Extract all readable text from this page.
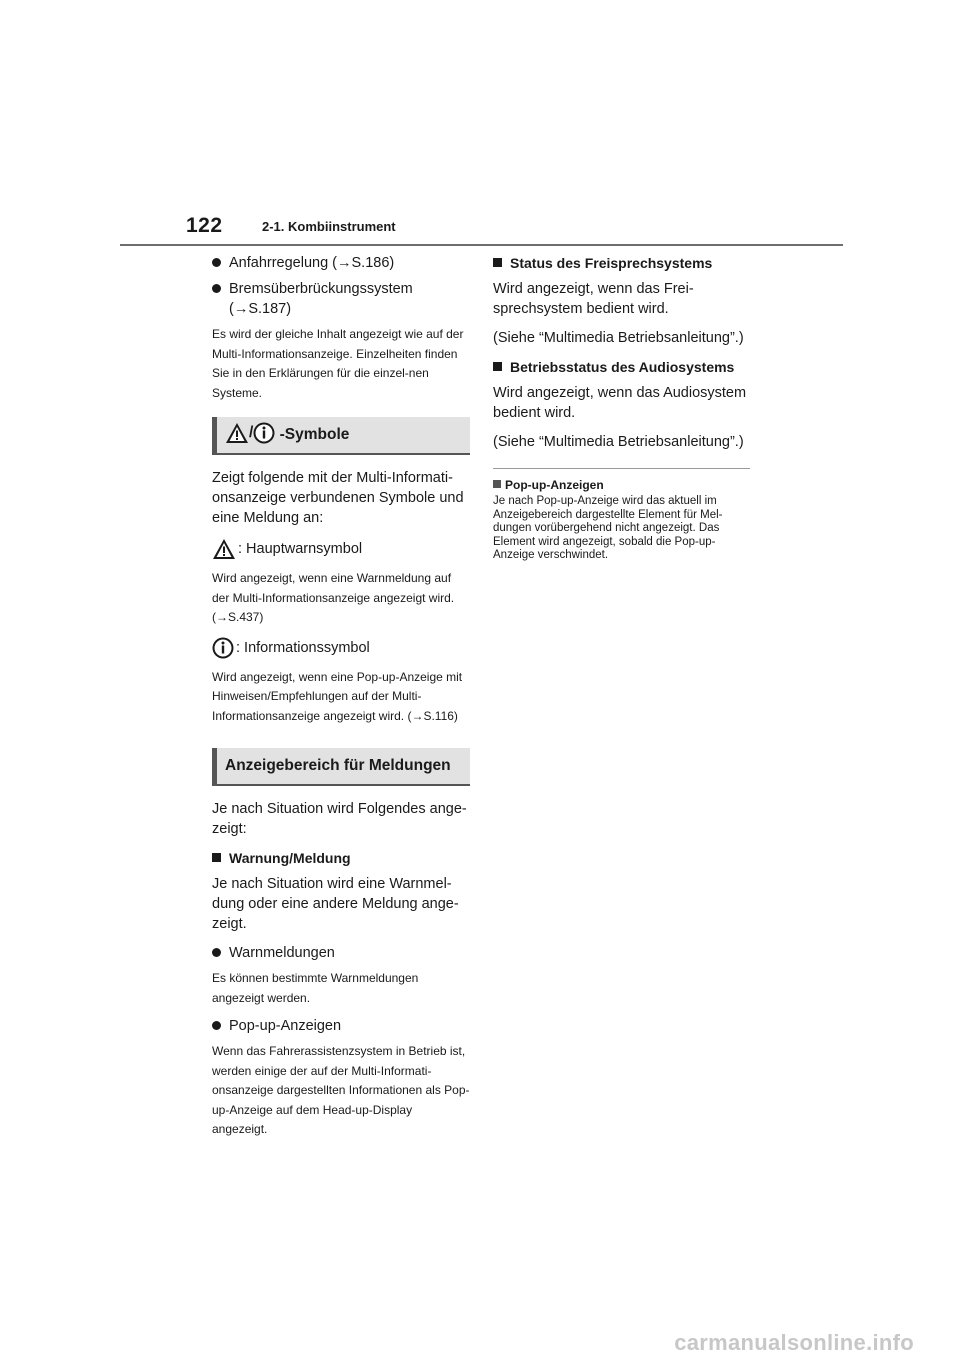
122	2-1. Kombiinstrument
Anfahrregelung (→S.186)
Bremsüberbrückungssystem (→S.187)

Es wird der gleiche Inhalt angezeigt wie auf der Multi-Informationsanzeige. Einzelheiten finden Sie in den Erklärungen für die einzel-nen Systeme.

/ -Symbole

Zeigt folgende mit der Multi-Informati-onsanzeige verbundenen Symbole und eine Meldung an:

: Hauptwarnsymbol

Wird angezeigt, wenn eine Warnmeldung auf der Multi-Informationsanzeige angezeigt wird. (→S.437)

: Informationssymbol

Wird angezeigt, wenn eine Pop-up-Anzeige mit Hinweisen/Empfehlungen auf der Multi-Informationsanzeige angezeigt wird. (→S.116)

Anzeigebereich für Meldungen

Je nach Situation wird Folgendes ange-zeigt:

Warnung/Meldung

Je nach Situation wird eine Warnmel-dung oder eine andere Meldung ange-zeigt.

Warnmeldungen

Es können bestimmte Warnmeldungen angezeigt werden.

Pop-up-Anzeigen

Wenn das Fahrerassistenzsystem in Betrieb ist, werden einige der auf der Multi-Informati-onsanzeige dargestellten Informationen als Pop-up-Anzeige auf dem Head-up-Display angezeigt.

Status des Freisprechsystems

Wird angezeigt, wenn das Frei-sprechsystem bedient wird.

(Siehe “Multimedia Betriebsanleitung”.)

Betriebsstatus des Audiosystems

Wird angezeigt, wenn das Audiosystem bedient wird.

(Siehe “Multimedia Betriebsanleitung”.)

Pop-up-Anzeigen

Je nach Pop-up-Anzeige wird das aktuell im Anzeigebereich dargestellte Element für Mel-dungen vorübergehend nicht angezeigt. Das Element wird angezeigt, sobald die Pop-up-Anzeige verschwindet.

carmanualsonline.info
